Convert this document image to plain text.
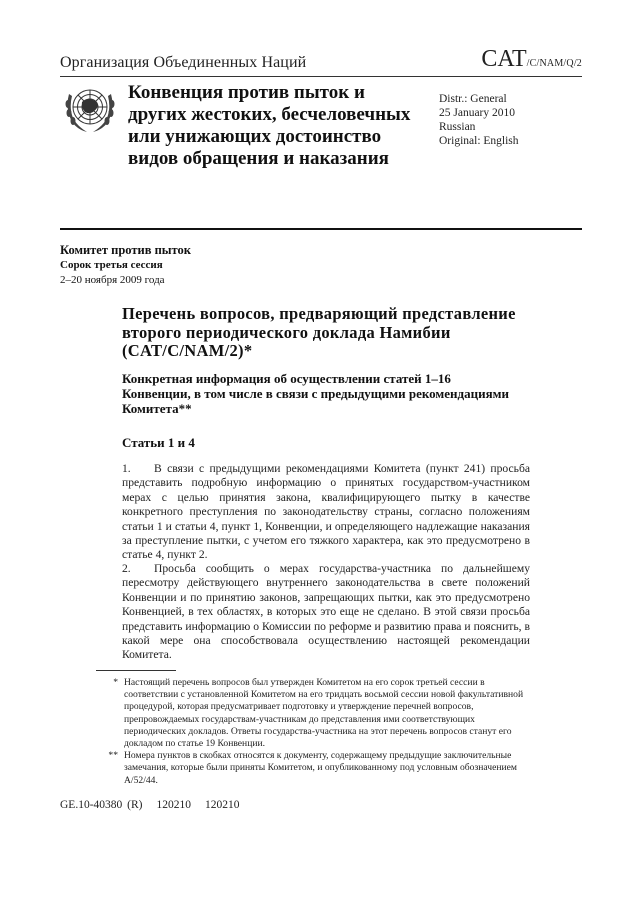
Организация Объединенных Наций	CAT/C/NAM/Q/2
Конвенция против пыток и других жестоких, бесчеловечных или унижающих достоинство видов обращения и наказания
Distr.: General
25 January 2010
Russian
Original: English
Комитет против пыток
Сорок третья сессия
2–20 ноября 2009 года
Перечень вопросов, предваряющий представление второго периодического доклада Намибии (CAT/C/NAM/2)*
Конкретная информация об осуществлении статей 1–16 Конвенции, в том числе в связи с предыдущими рекомендациями Комитета**
Статьи 1 и 4
1. В связи с предыдущими рекомендациями Комитета (пункт 241) просьба представить подробную информацию о принятых государством-участником мерах с целью принятия закона, квалифицирующего пытку в качестве конкретного преступления по законодательству страны, согласно положениям статьи 1 и статьи 4, пункт 1, Конвенции, и определяющего надлежащие наказания за преступление пытки, с учетом его тяжкого характера, как это предусмотрено в статье 4, пункт 2.
2. Просьба сообщить о мерах государства-участника по дальнейшему пересмотру действующего внутреннего законодательства в свете положений Конвенции и по принятию законов, запрещающих пытки, как это предусмотрено Конвенцией, в тех областях, в которых это еще не сделано. В этой связи просьба представить информацию о Комиссии по реформе и развитию права и пояснить, в какой мере она способствовала осуществлению настоящей рекомендации Комитета.
* Настоящий перечень вопросов был утвержден Комитетом на его сорок третьей сессии в соответствии с установленной Комитетом на его тридцать восьмой сессии новой факультативной процедурой, которая предусматривает подготовку и утверждение перечней вопросов, препровождаемых государствам-участникам до представления ими соответствующих периодических докладов. Ответы государства-участника на этот перечень вопросов станут его докладом по статье 19 Конвенции.
** Номера пунктов в скобках относятся к документу, содержащему предыдущие заключительные замечания, которые были приняты Комитетом, и опубликованному под условным обозначением A/52/44.
GE.10-40380 (R) 120210 120210
